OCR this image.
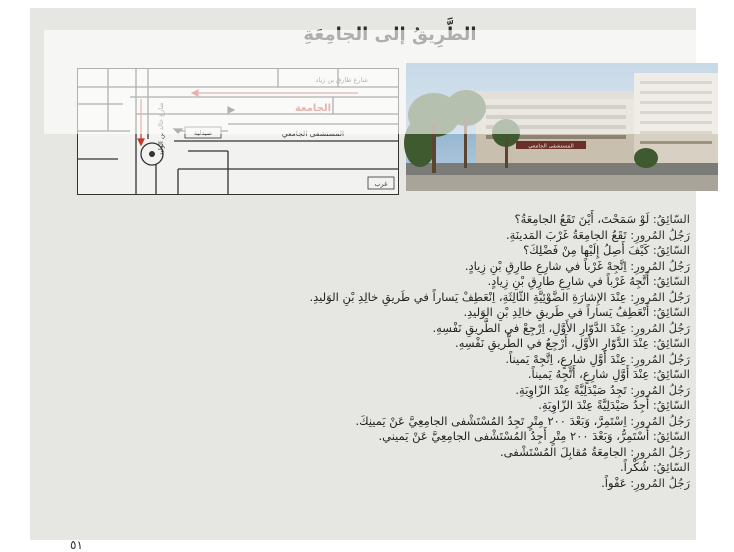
غرب
المستشفى الجامعي
السّائِقُ: لَوْ سَمَحْتَ، أَيْنَ تَقَعُ الجامِعَةُ؟
رَجُلُ المُرورِ: تَقَعُ الجامِعَةُ غَرْبَ المَدينَةِ.
السّائِقُ: كَيْفَ أَصِلُ إِلَيْها مِنْ فَضْلِكَ؟
رَجُلُ المُرورِ: اِتَّجِهْ غَرْباً في شارِعِ طارِقِ بْنِ زِيادٍ.
السّائِقُ: أَتَّجِهُ غَرْباً في شارِعِ طارِقِ بْنِ زِيادٍ.
رَجُلُ المُرورِ: عِنْدَ الإِشارَةِ الضَّوْئِيَّةِ الثّالِثَةِ، اِنْعَطِفْ يَساراً في طَريقِ خالِدِ بْنِ الوَليدِ.
السّائِقُ: أَنْعَطِفُ يَساراً في طَريقِ خالِدِ بْنِ الوَليدِ.
رَجُلُ المُرورِ: عِنْدَ الدَّوّارِ الأَوَّلِ، اِرْجِعْ في الطَّريقِ نَفْسِهِ.
السّائِقُ: عِنْدَ الدَّوّارِ الأَوَّلِ، أَرْجِعُ في الطَّريقِ نَفْسِهِ.
رَجُلُ المُرورِ: عِنْدَ أَوَّلِ شارِعٍ، اِتَّجِهْ يَميناً.
السّائِقُ: عِنْدَ أَوَّلِ شارِعٍ، أَتَّجِهُ يَميناً.
رَجُلُ المُرورِ: تَجِدُ صَيْدَلِيَّةً عِنْدَ الزّاوِيَةِ.
السّائِقُ: أَجِدُ صَيْدَلِيَّةً عِنْدَ الزّاوِيَةِ.
رَجُلُ المُرورِ: اِسْتَمِرَّ، وَبَعْدَ ٢٠٠ مِتْرٍ تَجِدُ المُسْتَشْفى الجامِعِيَّ عَنْ يَمينِكَ.
السّائِقُ: أَسْتَمِرُّ، وَبَعْدَ ٢٠٠ مِتْرٍ أَجِدُ المُسْتَشْفى الجامِعِيَّ عَنْ يَميني.
رَجُلُ المُرورِ: الجامِعَةُ مُقابِلَ المُسْتَشْفى.
السّائِقُ: شُكْراً.
رَجُلُ المُرورِ: عَفْواً.
٥١
